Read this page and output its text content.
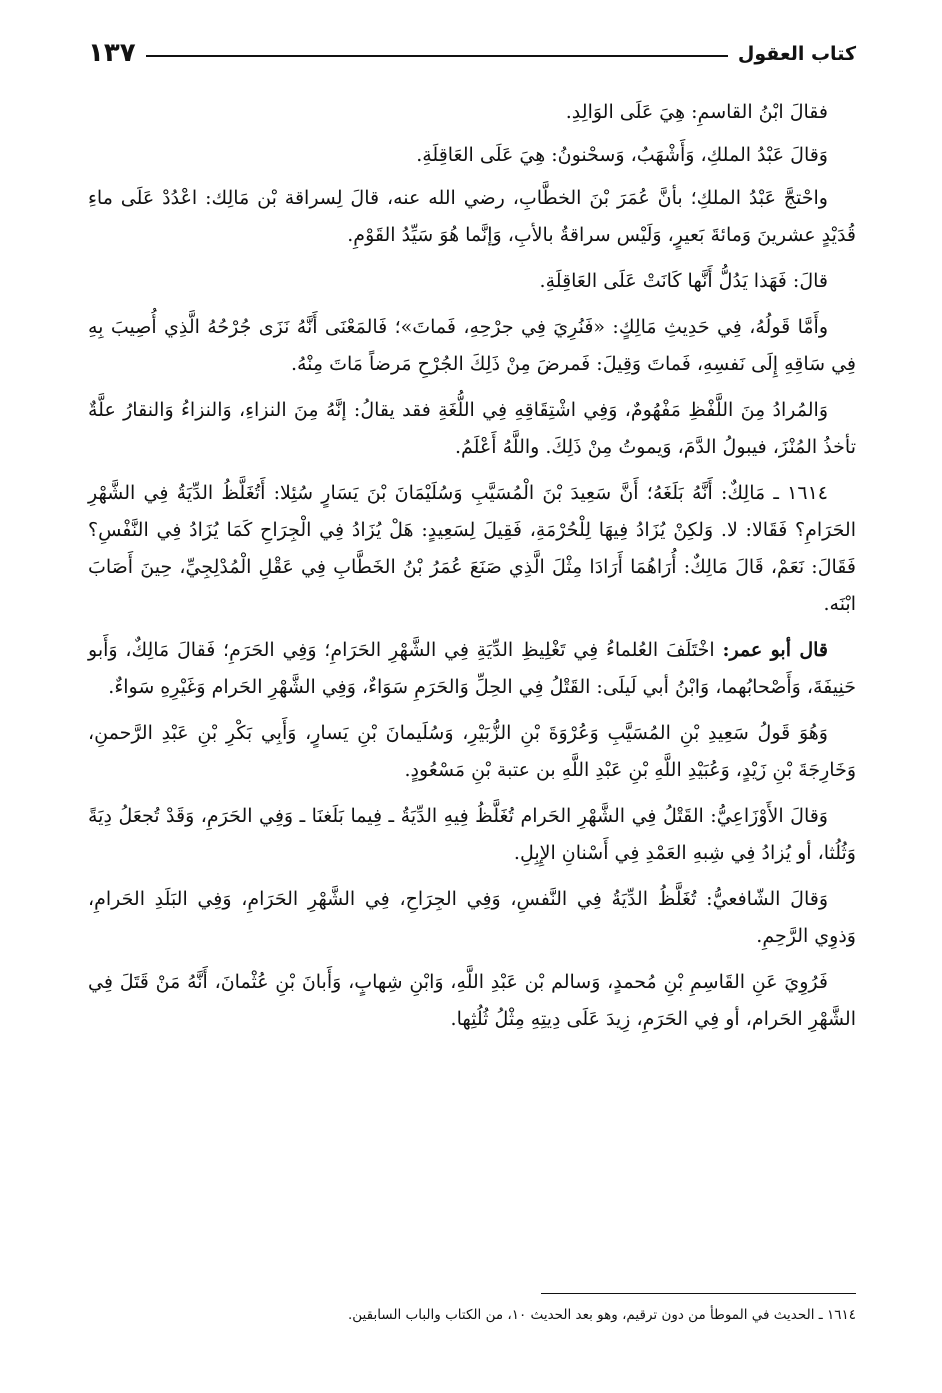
كتاب العقول
١٣٧

فقالَ ابْنُ القاسمِ: هِيَ عَلَى الوَالِدِ.

وَقالَ عَبْدُ الملكِ، وَأَشْهَبُ، وَسحْنونُ: هِيَ عَلَى العَاقِلَةِ.

واحْتجَّ عَبْدُ الملكِ؛ بأنَّ عُمَرَ بْنَ الخطَّابِ، رضي الله عنه، قالَ لِسراقة بْن مَالِك: اعْدُدْ عَلَى ماءِ قُدَيْدٍ عشرينَ وَمائةَ بَعيرٍ، وَلَيْس سراقةُ بالأبِ، وَإنَّما هُوَ سَيِّدُ القَوْمِ.

قالَ: فَهَذا يَدُلُّ أَنَّها كَانَتْ عَلَى العَاقِلَةِ.

وأَمَّا قَولُهُ، فِي حَدِيثِ مَالِكٍ: «فَنُرِيَ فِي جرْحِهِ، فَماتَ»؛ فَالمَعْنَى أَنَّهُ نَزَى جُرْحُهُ الَّذِي أُصِيبَ بِهِ فِي سَاقِهِ إِلَى نَفسِهِ، فَماتَ وَقِيلَ: فَمرضَ مِنْ ذَلِكَ الجُرْحِ مَرضاً مَاتَ مِنْهُ.

وَالمُرادُ مِنَ اللَّفْظِ مَفْهُومٌ، وَفِي اشْتِقَاقِهِ فِي اللُّغَةِ فقد يقالُ: إنَّهُ مِنَ النزاءِ، وَالنزاءُ وَالنقارُ علَّةٌ تأخذُ المُنْزَ، فيبولُ الدَّمَ، وَيموتُ مِنْ ذَلِكَ. واللَّهُ أَعْلَمُ.

١٦١٤ ـ مَالِكٌ: أَنَّهُ بَلَغَهُ؛ أَنَّ سَعِيدَ بْنَ الْمُسَيَّبِ وَسُلَيْمَانَ بْنَ يَسَارٍ سُئِلا: أَتُغَلَّظُ الدِّيَةُ فِي الشَّهْرِ الحَرَامِ؟ فَقَالا: لا. وَلكِنْ يُزَادُ فِيهَا لِلْحُرْمَةِ، فَقِيلَ لِسَعِيدٍ: هَلْ يُزَادُ فِي الْجِرَاحِ كَمَا يُزَادُ فِي النَّفْسِ؟ فَقَالَ: نَعَمْ، قَالَ مَالِكٌ: أُرَاهُمَا أَرَادَا مِثْلَ الَّذِي صَنَعَ عُمَرُ بْنُ الخَطَّابِ فِي عَقْلِ الْمُدْلِجِيِّ، حِينَ أَصَابَ ابْنَه.

قال أبو عمر: اخْتَلَفَ العُلماءُ فِي تَغْلِيظِ الدِّيَةِ فِي الشَّهْرِ الحَرَامِ؛ وَفِي الحَرَمِ؛ فَقالَ مَالِكٌ، وَأَبو حَنِيفَةَ، وَأَصْحابُهما، وَابْنُ أبي لَيلَى: القَتْلُ فِي الحِلِّ وَالحَرَمِ سَوَاءٌ، وَفِي الشَّهْرِ الحَرام وَغَيْرِهِ سَواءٌ.

وَهُوَ قَولُ سَعِيدِ بْنِ المُسَيَّبِ وَعُرْوَةَ بْنِ الزُّبَيْرِ، وَسُلَيمانَ بْنِ يَسارٍ، وَأَبِي بَكْرِ بْنِ عَبْدِ الرَّحمنِ، وَخَارِجَةَ بْنِ زَيْدٍ، وَعُبَيْدِ اللَّهِ بْنِ عَبْدِ اللَّهِ بن عتبة بْنِ مَسْعُودٍ.

وَقالَ الأَوْزَاعِيُّ: القَتْلُ فِي الشَّهْرِ الحَرام تُغَلَّظُ فِيهِ الدِّيَةُ ـ فِيما بَلَغنَا ـ وَفِي الحَرَمِ، وَقَدْ تُجعَلُ دِيَةً وَثُلُثا، أو يُزادُ فِي شِبهِ العَمْدِ فِي أَسْنانِ الإِبِلِ.

وَقالَ الشّافعيُّ: تُغَلَّظُ الدِّيَةُ فِي النَّفسِ، وَفِي الجِرَاحِ، فِي الشَّهْرِ الحَرَامِ، وَفِي البَلَدِ الحَرامِ، وَذوِي الرَّحِمِ.

فَرُوِيَ عَنِ القَاسِمِ بْنِ مُحمدٍ، وَسالم بْن عَبْدِ اللَّهِ، وَابْنِ شِهابٍ، وَأَبانَ بْنِ عُثْمانَ، أَنَّهُ مَنْ قَتَلَ فِي الشَّهْرِ الحَرام، أو فِي الحَرَمِ، زِيدَ عَلَى دِيتِهِ مِثْلُ ثُلُثِها.

١٦١٤ ـ الحديث في الموطأ من دون ترقيم، وهو بعد الحديث ١٠، من الكتاب والباب السابقين.
